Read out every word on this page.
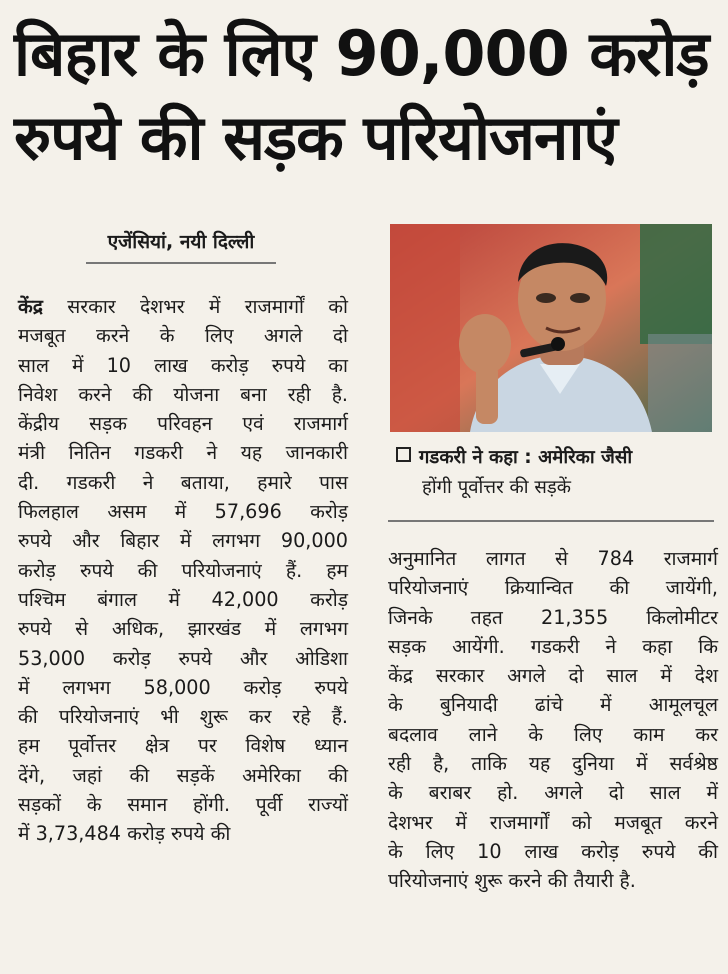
बिहार के लिए 90,000 करोड़
रुपये की सड़क परियोजनाएं
एजेंसियां, नयी दिल्ली
केंद्र सरकार देशभर में राजमार्गों को
मजबूत करने के लिए अगले दो
साल में 10 लाख करोड़ रुपये का
निवेश करने की योजना बना रही है.
केंद्रीय सड़क परिवहन एवं राजमार्ग
मंत्री नितिन गडकरी ने यह जानकारी
दी. गडकरी ने बताया, हमारे पास
फिलहाल असम में 57,696 करोड़
रुपये और बिहार में लगभग 90,000
करोड़ रुपये की परियोजनाएं हैं. हम
पश्चिम बंगाल में 42,000 करोड़
रुपये से अधिक, झारखंड में लगभग
53,000 करोड़ रुपये और ओडिशा
में लगभग 58,000 करोड़ रुपये
की परियोजनाएं भी शुरू कर रहे हैं.
हम पूर्वोत्तर क्षेत्र पर विशेष ध्यान
देंगे, जहां की सड़कें अमेरिका की
सड़कों के समान होंगी. पूर्वी राज्यों
में 3,73,484 करोड़ रुपये की
गडकरी ने कहा : अमेरिका जैसी
होंगी पूर्वोत्तर की सड़कें
अनुमानित लागत से 784 राजमार्ग
परियोजनाएं क्रियान्वित की जायेंगी,
जिनके तहत 21,355 किलोमीटर
सड़क आयेंगी. गडकरी ने कहा कि
केंद्र सरकार अगले दो साल में देश
के बुनियादी ढांचे में आमूलचूल
बदलाव लाने के लिए काम कर
रही है, ताकि यह दुनिया में सर्वश्रेष्ठ
के बराबर हो. अगले दो साल में
देशभर में राजमार्गों को मजबूत करने
के लिए 10 लाख करोड़ रुपये की
परियोजनाएं शुरू करने की तैयारी है.
